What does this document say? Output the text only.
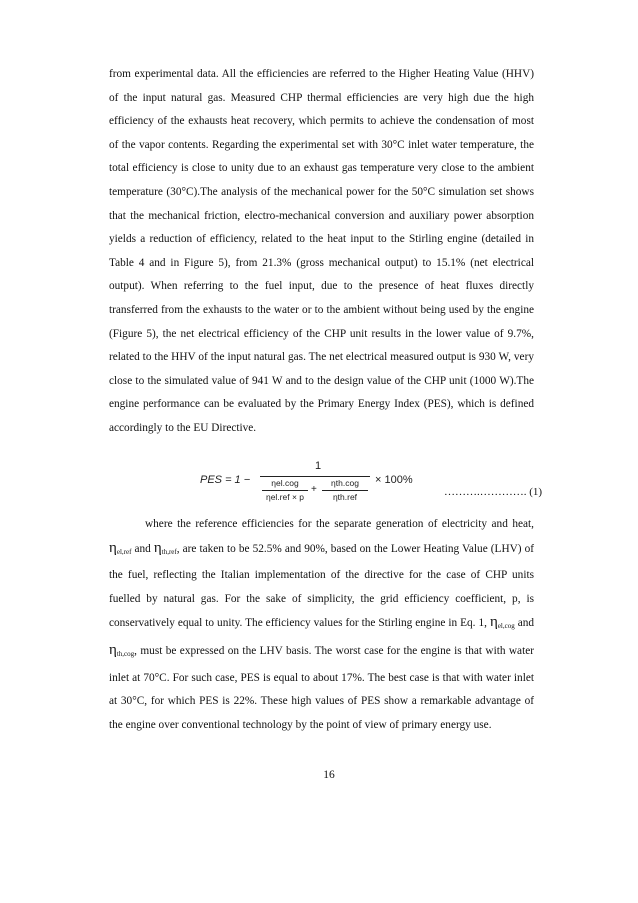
from experimental data. All the efficiencies are referred to the Higher Heating Value (HHV) of the input natural gas. Measured CHP thermal efficiencies are very high due the high efficiency of the exhausts heat recovery, which permits to achieve the condensation of most of the vapor contents. Regarding the experimental set with 30°C inlet water temperature, the total efficiency is close to unity due to an exhaust gas temperature very close to the ambient temperature (30°C).The analysis of the mechanical power for the 50°C simulation set shows that the mechanical friction, electro-mechanical conversion and auxiliary power absorption yields a reduction of efficiency, related to the heat input to the Stirling engine (detailed in Table 4 and in Figure 5), from 21.3% (gross mechanical output) to 15.1% (net electrical output). When referring to the fuel input, due to the presence of heat fluxes directly transferred from the exhausts to the water or to the ambient without being used by the engine (Figure 5), the net electrical efficiency of the CHP unit results in the lower value of 9.7%, related to the HHV of the input natural gas. The net electrical measured output is 930 W, very close to the simulated value of 941 W and to the design value of the CHP unit (1000 W).The engine performance can be evaluated by the Primary Energy Index (PES), which is defined accordingly to the EU Directive.

PES = 1 −
1
ηel.cog
ηel.ref × p
+
ηth.cog
ηth.ref
× 100%
……….…………. (1)

where the reference efficiencies for the separate generation of electricity and heat, $\eta_{el,ref}$ and $\eta_{th,ref}$, are taken to be 52.5% and 90%, based on the Lower Heating Value (LHV) of the fuel, reflecting the Italian implementation of the directive for the case of CHP units fuelled by natural gas. For the sake of simplicity, the grid efficiency coefficient, p, is conservatively equal to unity. The efficiency values for the Stirling engine in Eq. 1, $\eta_{el,cog}$ and $\eta_{th,cog}$, must be expressed on the LHV basis. The worst case for the engine is that with water inlet at 70°C. For such case, PES is equal to about 17%. The best case is that with water inlet at 30°C, for which PES is 22%. These high values of PES show a remarkable advantage of the engine over conventional technology by the point of view of primary energy use.

16
